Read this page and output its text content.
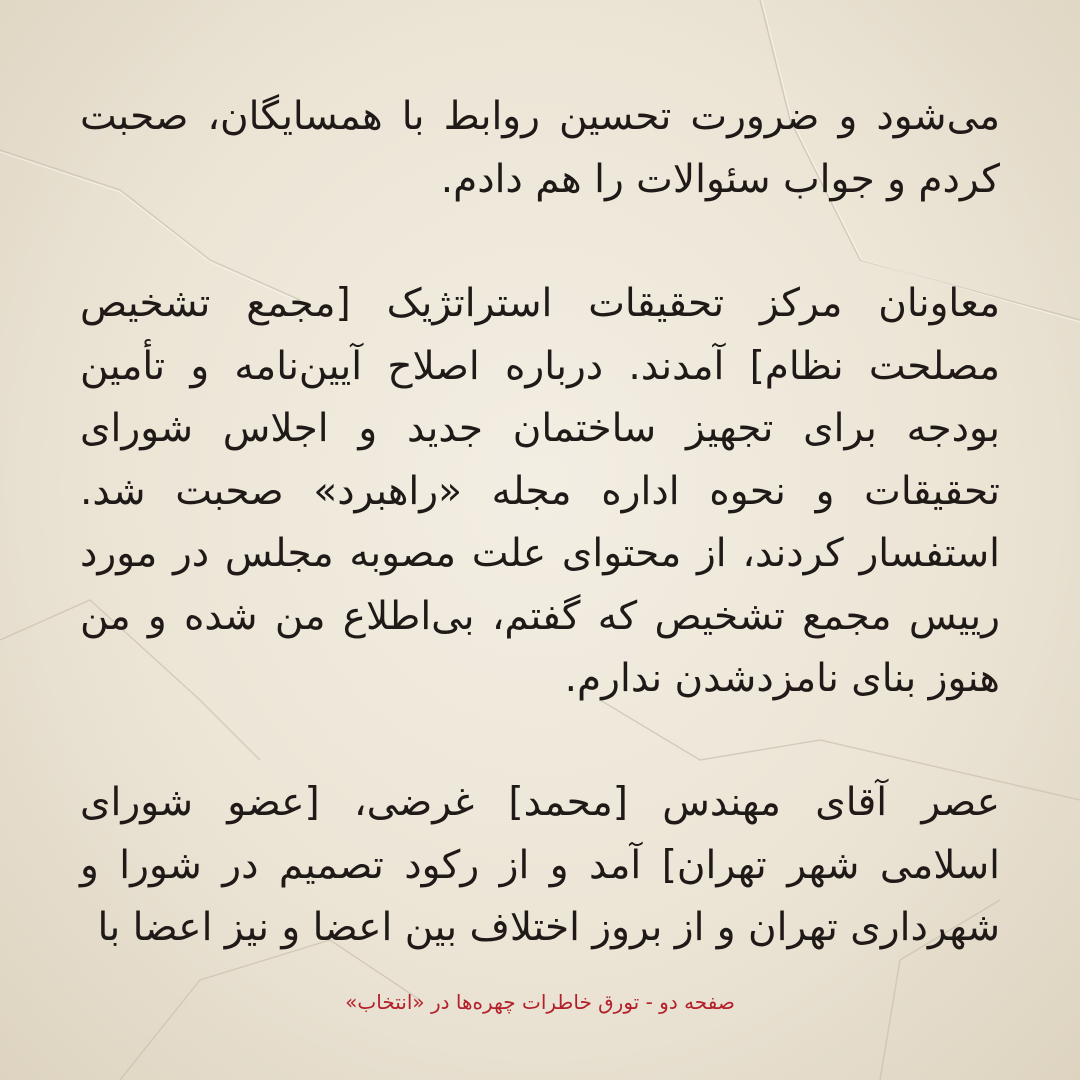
می‌شود و ضرورت تحسین روابط با همسایگان، صحبت کردم و جواب سئوالات را هم دادم.
معاونان مرکز تحقیقات استراتژیک [مجمع تشخیص مصلحت نظام] آمدند. درباره اصلاح آیین‌نامه و تأمین بودجه برای تجهیز ساختمان جدید و اجلاس شورای تحقیقات و نحوه اداره مجله «راهبرد» صحبت شد. استفسار کردند، از محتوای علت مصوبه مجلس در مورد رییس مجمع تشخیص که گفتم، بی‌اطلاع من شده و من هنوز بنای نامزدشدن ندارم.
عصر آقای مهندس [محمد] غرضی، [عضو شورای اسلامی شهر تهران] آمد و از رکود تصمیم در شورا و شهرداری تهران و از بروز اختلاف بین اعضا و نیز اعضا با
صفحه دو - تورق خاطرات چهره‌ها در «انتخاب»
